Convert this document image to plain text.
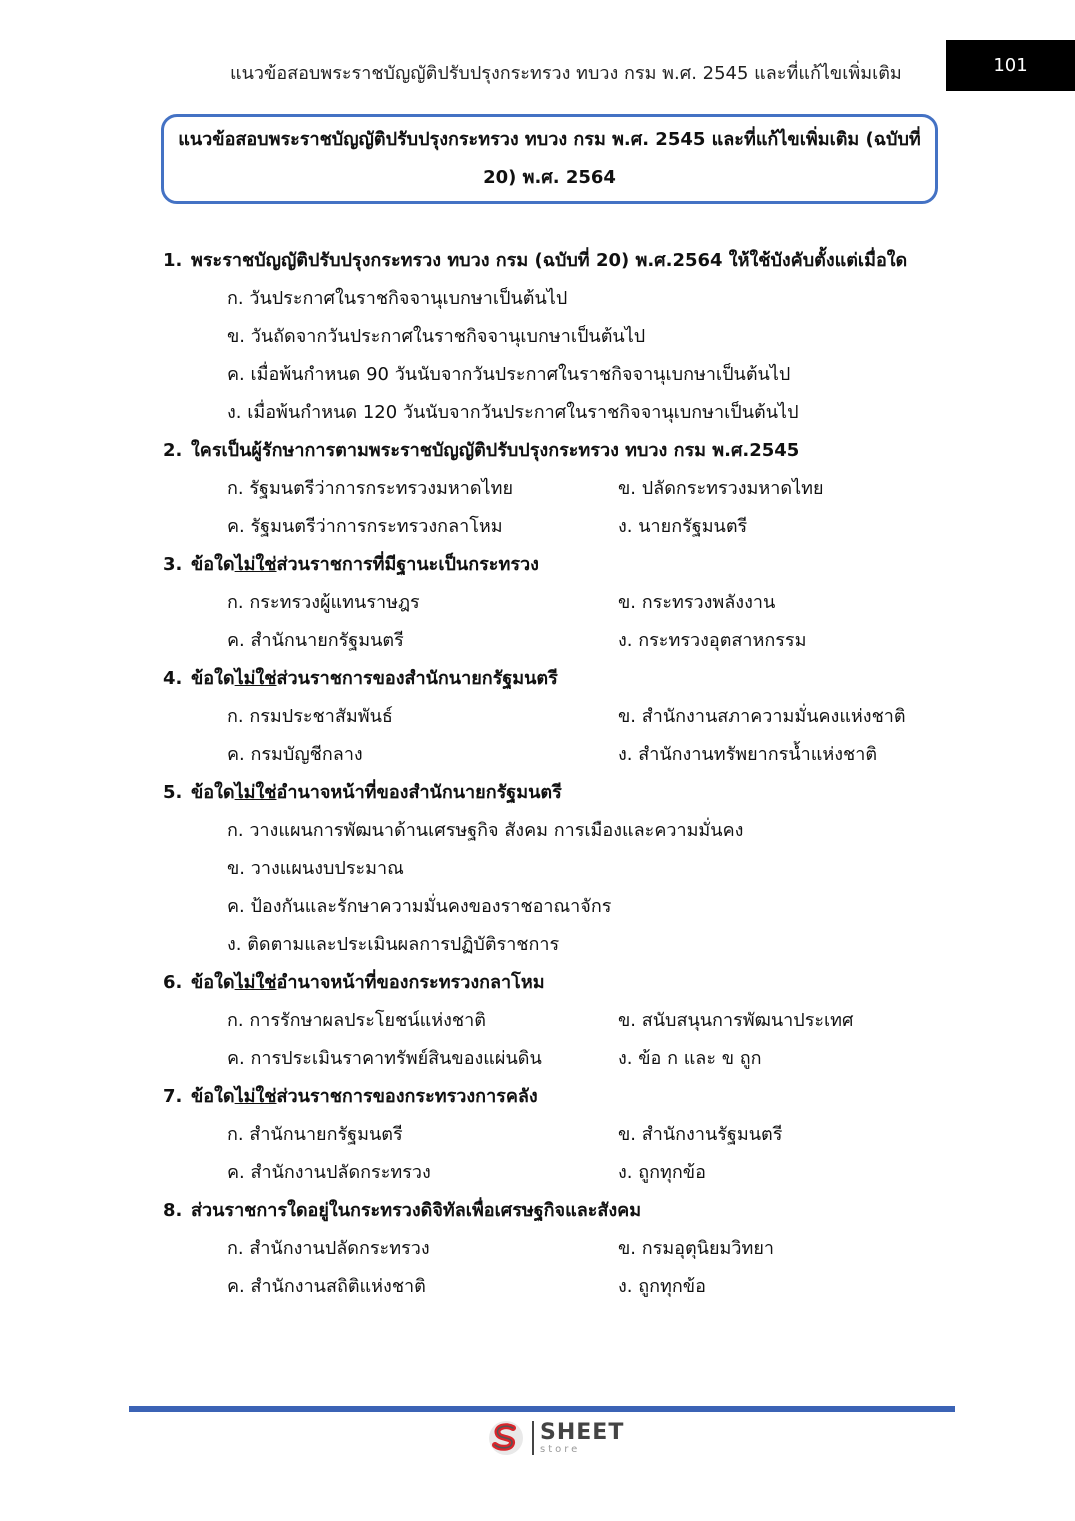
แนวข้อสอบพระราชบัญญัติปรับปรุงกระทรวง ทบวง กรม พ.ศ. 2545 และที่แก้ไขเพิ่มเติม	101
แนวข้อสอบพระราชบัญญัติปรับปรุงกระทรวง ทบวง กรม พ.ศ. 2545 และที่แก้ไขเพิ่มเติม (ฉบับที่
20) พ.ศ. 2564
1. พระราชบัญญัติปรับปรุงกระทรวง ทบวง กรม (ฉบับที่ 20) พ.ศ.2564 ให้ใช้บังคับตั้งแต่เมื่อใด
ก. วันประกาศในราชกิจจานุเบกษาเป็นต้นไป
ข. วันถัดจากวันประกาศในราชกิจจานุเบกษาเป็นต้นไป
ค. เมื่อพ้นกำหนด 90 วันนับจากวันประกาศในราชกิจจานุเบกษาเป็นต้นไป
ง. เมื่อพ้นกำหนด 120 วันนับจากวันประกาศในราชกิจจานุเบกษาเป็นต้นไป
2. ใครเป็นผู้รักษาการตามพระราชบัญญัติปรับปรุงกระทรวง ทบวง กรม พ.ศ.2545
ก. รัฐมนตรีว่าการกระทรวงมหาดไทย	ข. ปลัดกระทรวงมหาดไทย
ค. รัฐมนตรีว่าการกระทรวงกลาโหม	ง. นายกรัฐมนตรี
3. ข้อใดไม่ใช่ส่วนราชการที่มีฐานะเป็นกระทรวง
ก. กระทรวงผู้แทนราษฎร	ข. กระทรวงพลังงาน
ค. สำนักนายกรัฐมนตรี	ง. กระทรวงอุตสาหกรรม
4. ข้อใดไม่ใช่ส่วนราชการของสำนักนายกรัฐมนตรี
ก. กรมประชาสัมพันธ์	ข. สำนักงานสภาความมั่นคงแห่งชาติ
ค. กรมบัญชีกลาง	ง. สำนักงานทรัพยากรน้ำแห่งชาติ
5. ข้อใดไม่ใช่อำนาจหน้าที่ของสำนักนายกรัฐมนตรี
ก. วางแผนการพัฒนาด้านเศรษฐกิจ สังคม การเมืองและความมั่นคง
ข. วางแผนงบประมาณ
ค. ป้องกันและรักษาความมั่นคงของราชอาณาจักร
ง. ติดตามและประเมินผลการปฏิบัติราชการ
6. ข้อใดไม่ใช่อำนาจหน้าที่ของกระทรวงกลาโหม
ก. การรักษาผลประโยชน์แห่งชาติ	ข. สนับสนุนการพัฒนาประเทศ
ค. การประเมินราคาทรัพย์สินของแผ่นดิน	ง. ข้อ ก และ ข ถูก
7. ข้อใดไม่ใช่ส่วนราชการของกระทรวงการคลัง
ก. สำนักนายกรัฐมนตรี	ข. สำนักงานรัฐมนตรี
ค. สำนักงานปลัดกระทรวง	ง. ถูกทุกข้อ
8. ส่วนราชการใดอยู่ในกระทรวงดิจิทัลเพื่อเศรษฐกิจและสังคม
ก. สำนักงานปลัดกระทรวง	ข. กรมอุตุนิยมวิทยา
ค. สำนักงานสถิติแห่งชาติ	ง. ถูกทุกข้อ
SHEET
store
